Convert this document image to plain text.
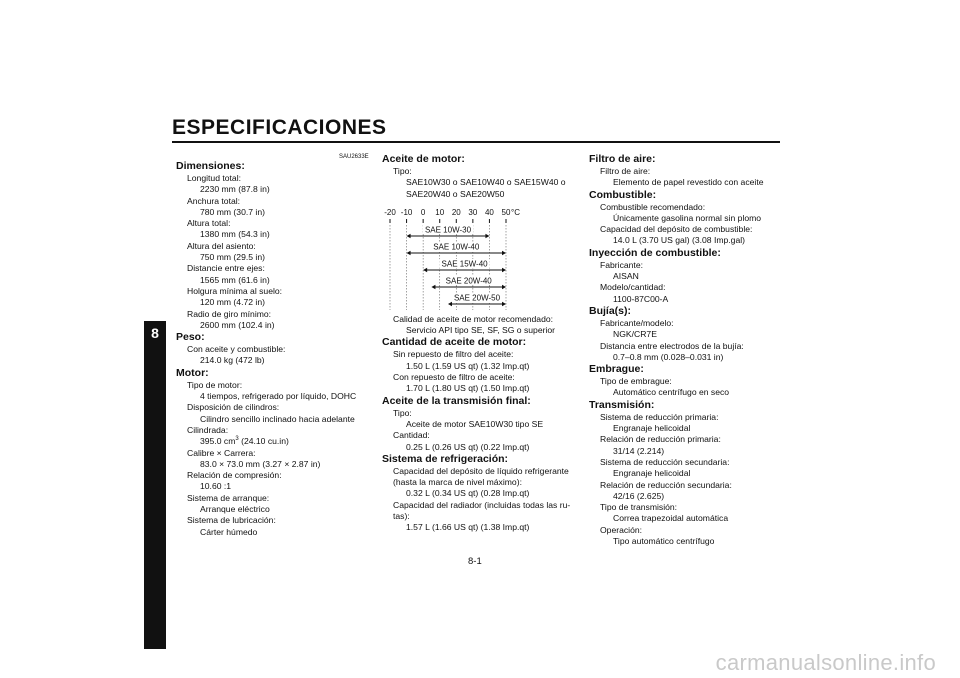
ESPECIFICACIONES
8
SAU2633E
Dimensiones:
Longitud total:
2230 mm (87.8 in)
Anchura total:
780 mm (30.7 in)
Altura total:
1380 mm (54.3 in)
Altura del asiento:
750 mm (29.5 in)
Distancie entre ejes:
1565 mm (61.6 in)
Holgura mínima al suelo:
120 mm (4.72 in)
Radio de giro mínimo:
2600 mm (102.4 in)
Peso:
Con aceite y combustible:
214.0 kg (472 lb)
Motor:
Tipo de motor:
4 tiempos, refrigerado por líquido, DOHC
Disposición de cilindros:
Cilindro sencillo inclinado hacia adelante
Cilindrada:
395.0 $cm^3$ (24.10 cu.in)
Calibre × Carrera:
83.0 × 73.0 mm (3.27 × 2.87 in)
Relación de compresión:
10.60 :1
Sistema de arranque:
Arranque eléctrico
Sistema de lubricación:
Cárter húmedo
Aceite de motor:
Tipo:
SAE10W30 o SAE10W40 o SAE15W40 o
SAE20W40 o SAE20W50
-20 -10 0 10 20 30 40 50 °C
SAE 10W-30
SAE 10W-40
SAE 15W-40
SAE 20W-40
SAE 20W-50
Calidad de aceite de motor recomendado:
Servicio API tipo SE, SF, SG o superior
Cantidad de aceite de motor:
Sin repuesto de filtro del aceite:
1.50 L (1.59 US qt) (1.32 Imp.qt)
Con repuesto de filtro de aceite:
1.70 L (1.80 US qt) (1.50 Imp.qt)
Aceite de la transmisión final:
Tipo:
Aceite de motor SAE10W30 tipo SE
Cantidad:
0.25 L (0.26 US qt) (0.22 Imp.qt)
Sistema de refrigeración:
Capacidad del depósito de líquido refrigerante
(hasta la marca de nivel máximo):
0.32 L (0.34 US qt) (0.28 Imp.qt)
Capacidad del radiador (incluidas todas las ru-
tas):
1.57 L (1.66 US qt) (1.38 Imp.qt)
Filtro de aire:
Filtro de aire:
Elemento de papel revestido con aceite
Combustible:
Combustible recomendado:
Únicamente gasolina normal sin plomo
Capacidad del depósito de combustible:
14.0 L (3.70 US gal) (3.08 Imp.gal)
Inyección de combustible:
Fabricante:
AISAN
Modelo/cantidad:
1100-87C00-A
Bujía(s):
Fabricante/modelo:
NGK/CR7E
Distancia entre electrodos de la bujía:
0.7–0.8 mm (0.028–0.031 in)
Embrague:
Tipo de embrague:
Automático centrífugo en seco
Transmisión:
Sistema de reducción primaria:
Engranaje helicoidal
Relación de reducción primaria:
31/14 (2.214)
Sistema de reducción secundaria:
Engranaje helicoidal
Relación de reducción secundaria:
42/16 (2.625)
Tipo de transmisión:
Correa trapezoidal automática
Operación:
Tipo automático centrífugo
8-1
carmanualsonline.info
